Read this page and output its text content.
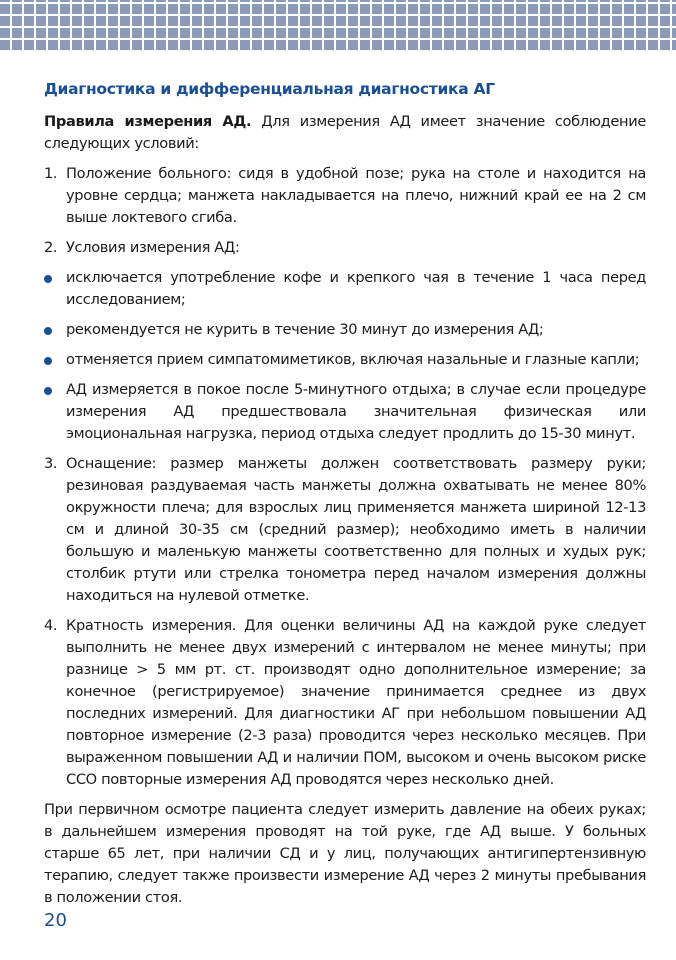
Диагностика и дифференциальная диагностика АГ

Правила измерения АД. Для измерения АД имеет значение соблюдение следующих условий:

1. Положение больного: сидя в удобной позе; рука на столе и находится на уровне сердца; манжета накладывается на плечо, нижний край ее на 2 см выше локтевого сгиба.
2. Условия измерения АД:
исключается употребление кофе и крепкого чая в течение 1 часа перед исследованием;
рекомендуется не курить в течение 30 минут до измерения АД;
отменяется прием симпатомиметиков, включая назальные и глазные капли;
АД измеряется в покое после 5-минутного отдыха; в случае если процедуре измерения АД предшествовала значительная физическая или эмоциональная нагрузка, период отдыха следует продлить до 15-30 минут.
3. Оснащение: размер манжеты должен соответствовать размеру руки; резиновая раздуваемая часть манжеты должна охватывать не менее 80% окружности плеча; для взрослых лиц применяется манжета шириной 12-13 см и длиной 30-35 см (средний размер); необходимо иметь в наличии большую и маленькую манжеты соответственно для полных и худых рук; столбик ртути или стрелка тонометра перед началом измерения должны находиться на нулевой отметке.
4. Кратность измерения. Для оценки величины АД на каждой руке следует выполнить не менее двух измерений с интервалом не менее минуты; при разнице > 5 мм рт. ст. производят одно дополнительное измерение; за конечное (регистрируемое) значение принимается среднее из двух последних измерений. Для диагностики АГ при небольшом повышении АД повторное измерение (2-3 раза) проводится через несколько месяцев. При выраженном повышении АД и наличии ПОМ, высоком и очень высоком риске ССО повторные измерения АД проводятся через несколько дней.

При первичном осмотре пациента следует измерить давление на обеих руках; в дальнейшем измерения проводят на той руке, где АД выше. У больных старше 65 лет, при наличии СД и у лиц, получающих антигипертензивную терапию, следует также произвести измерение АД через 2 минуты пребывания в положении стоя.

20
